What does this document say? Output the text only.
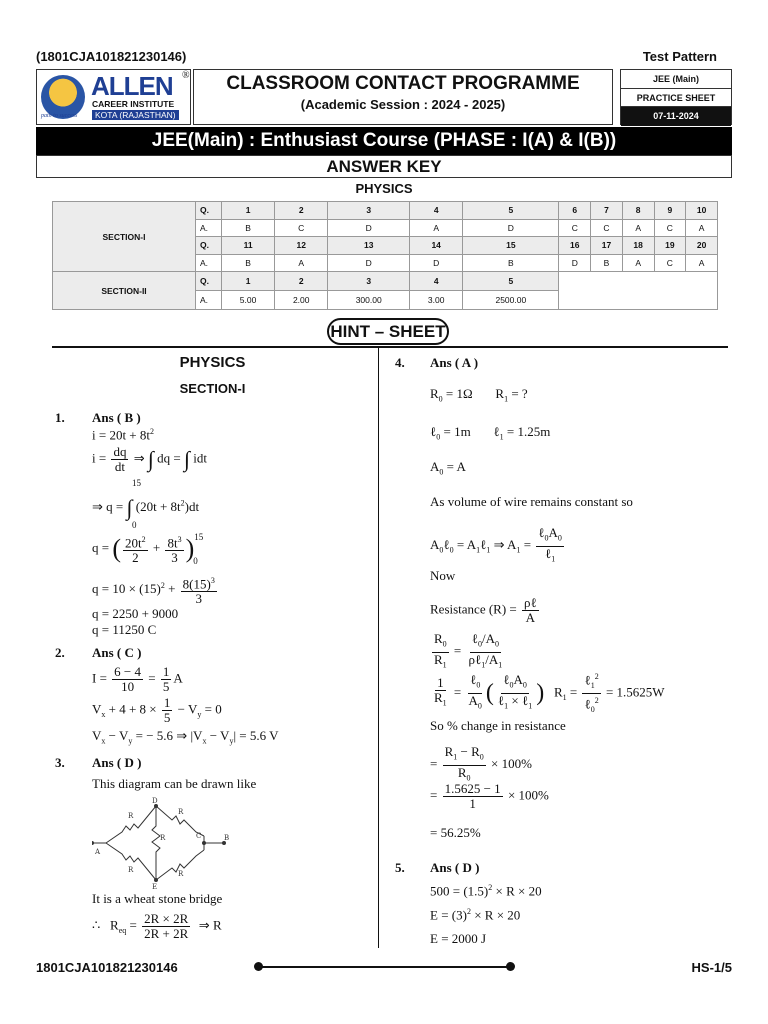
(1801CJA101821230146)	Test Pattern
ALLEN ®
CAREER INSTITUTE
KOTA (RAJASTHAN)
path to success
CLASSROOM CONTACT PROGRAMME
(Academic Session : 2024 - 2025)
JEE (Main)
PRACTICE SHEET
07-11-2024
JEE(Main) : Enthusiast Course (PHASE : I(A) & I(B))
ANSWER KEY
PHYSICS
SECTION-I	Q.	1	2	3	4	5	6	7	8	9	10
	A.	B	C	D	A	D	C	C	A	C	A
	Q.	11	12	13	14	15	16	17	18	19	20
	A.	B	A	D	D	B	D	B	A	C	A
SECTION-II	Q.	1	2	3	4	5					
	A.	5.00	2.00	300.00	3.00	2500.00					
HINT – SHEET
PHYSICS
SECTION-I
1. Ans ( B )
$i = 20t + 8t^2$
$i = \frac{dq}{dt}$ ⇒ ∫ dq = ∫ idt
15
⇒ q = ∫ $(20t + 8t^2)dt$
0
q = ( $\frac{20t^2}{2} + \frac{8t^3}{3} )^{15}_0$
$q = 10 \times (15)^2 + \frac{8(15)^3}{3}$
q = 2250 + 9000
q = 11250 C
2. Ans ( C )
$I = \frac{6 - 4}{10} = \frac{1}{5}$ A
$V_x + 4 + 8 \times \frac{1}{5} - V_y = 0$
$V_x - V_y$ = − 5.6 ⇒ $|V_x - V_y| = 5.6$ V
3. Ans ( D )
This diagram can be drawn like
A
D
E
C	B
R	R
R	R
R
It is a wheat stone bridge
∴   $R_{eq} = \frac{2R \times 2R}{2R + 2R}$ ⇒ R
4. Ans ( A )
$R_0 = 1\Omega$       $R_1$ = ?
ℓ$_0$ = 1m       ℓ$_1$ = 1.25m
$A_0 = A$
As volume of wire remains constant so
$A_0\ell_0$ = $A_1\ell_1$ ⇒ $A_1 = \frac{\ell_0A_0}{\ell_1}$
Now
Resistance $(R) = \frac{\text{ρℓ}}{A}$
$\frac{R_0}{R_1} = \frac{\ell_0/A_0}{\rho\ell_1/A_1}$
$\frac{1}{R_1} = \frac{\ell_0}{A_0}$ ( $\frac{\ell_0A_0}{\ell_1 \times \ell_1}$ )   $R_1 = \frac{\ell_1^2}{\ell_0^2} = 1.5625W$
So % change in resistance
= $\frac{R_1 - R_0}{R_0} \times 100\%$
= $\frac{1.5625 - 1}{1} \times 100\%$
= 56.25%
5. Ans ( D )
$500 = (1.5)^2 \times R \times 20$
$E = (3)^2 \times R \times 20$
E = 2000 J
1801CJA101821230146	HS-1/5
